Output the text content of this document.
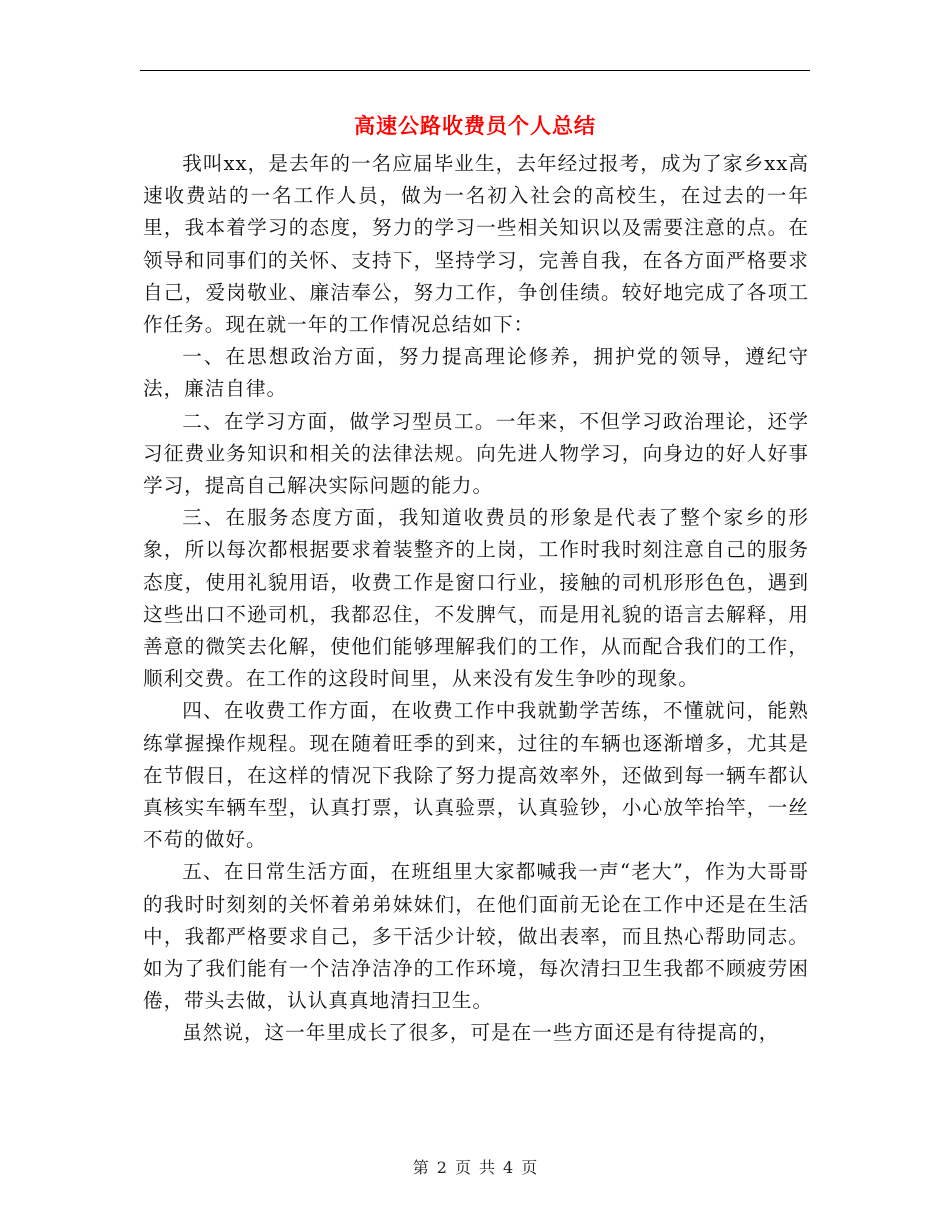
高速公路收费员个人总结

我叫xx，是去年的一名应届毕业生，去年经过报考，成为了家乡xx高速收费站的一名工作人员，做为一名初入社会的高校生，在过去的一年里，我本着学习的态度，努力的学习一些相关知识以及需要注意的点。在领导和同事们的关怀、支持下，坚持学习，完善自我，在各方面严格要求自己，爱岗敬业、廉洁奉公，努力工作，争创佳绩。较好地完成了各项工作任务。现在就一年的工作情况总结如下：

一、在思想政治方面，努力提高理论修养，拥护党的领导，遵纪守法，廉洁自律。

二、在学习方面，做学习型员工。一年来，不但学习政治理论，还学习征费业务知识和相关的法律法规。向先进人物学习，向身边的好人好事学习，提高自己解决实际问题的能力。

三、在服务态度方面，我知道收费员的形象是代表了整个家乡的形象，所以每次都根据要求着装整齐的上岗，工作时我时刻注意自己的服务态度，使用礼貌用语，收费工作是窗口行业，接触的司机形形色色，遇到这些出口不逊司机，我都忍住，不发脾气，而是用礼貌的语言去解释，用善意的微笑去化解，使他们能够理解我们的工作，从而配合我们的工作，顺利交费。在工作的这段时间里，从来没有发生争吵的现象。

四、在收费工作方面，在收费工作中我就勤学苦练，不懂就问，能熟练掌握操作规程。现在随着旺季的到来，过往的车辆也逐渐增多，尤其是在节假日，在这样的情况下我除了努力提高效率外，还做到每一辆车都认真核实车辆车型，认真打票，认真验票，认真验钞，小心放竿抬竿，一丝不苟的做好。

五、在日常生活方面，在班组里大家都喊我一声“老大”，作为大哥哥的我时时刻刻的关怀着弟弟妹妹们，在他们面前无论在工作中还是在生活中，我都严格要求自己，多干活少计较，做出表率，而且热心帮助同志。如为了我们能有一个洁净洁净的工作环境，每次清扫卫生我都不顾疲劳困倦，带头去做，认认真真地清扫卫生。

虽然说，这一年里成长了很多，可是在一些方面还是有待提高的，

第 2 页 共 4 页
